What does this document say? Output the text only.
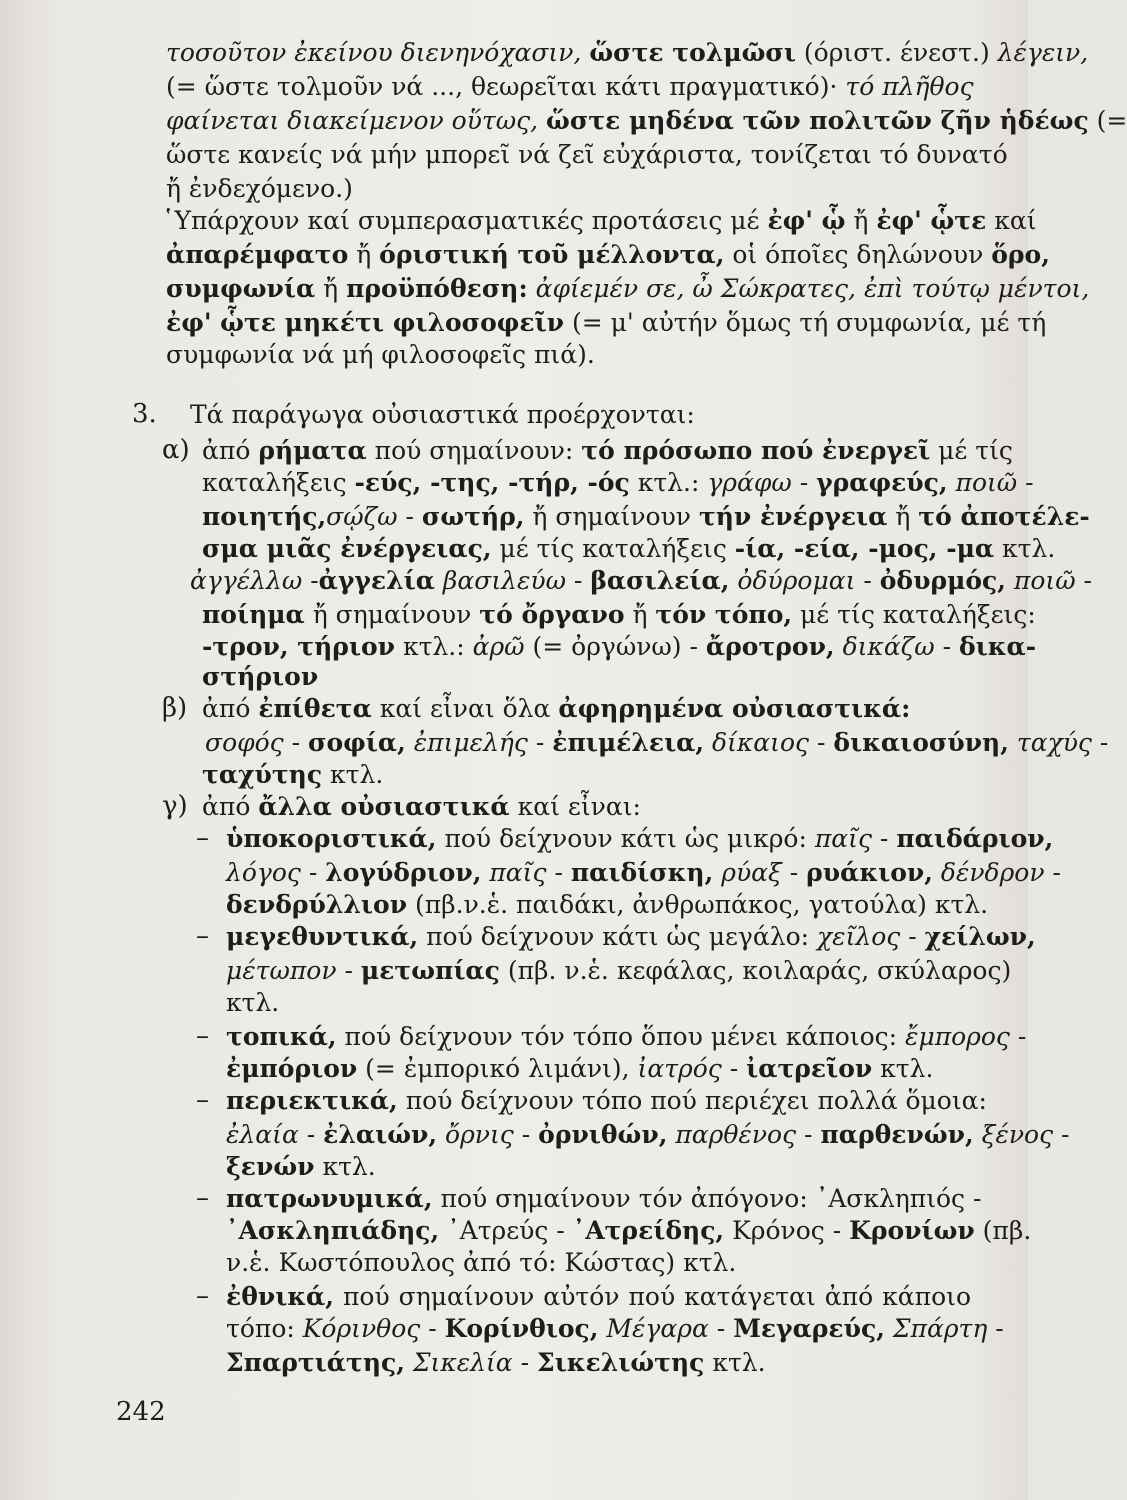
τοσοῦτον ἐκείνου διενηνόχασιν, ὥστε τολμῶσι (όριστ. ένεστ.) λέγειν,
(= ὥστε τολμοῦν νά ..., θεωρεῖται κάτι πραγματικό)· τό πλῆθος
φαίνεται διακείμενον οὕτως, ὥστε μηδένα τῶν πολιτῶν ζῆν ἡδέως (=
ὥστε κανείς νά μήν μπορεῖ νά ζεῖ εὐχάριστα, τονίζεται τό δυνατό
ἤ ἐνδεχόμενο.)
῾Υπάρχουν καί συμπερασματικές προτάσεις μέ ἐφ' ᾧ ἤ ἐφ' ᾧτε καί
ἀπαρέμφατο ἤ όριστική τοῦ μέλλοντα, οἱ όποῖες δηλώνουν ὅρο,
συμφωνία ἤ προϋπόθεση: ἀφίεμέν σε, ὦ Σώκρατες, ἐπὶ τούτῳ μέντοι,
ἐφ' ᾧτε μηκέτι φιλοσοφεῖν (= μ' αὐτήν ὅμως τή συμφωνία, μέ τή
συμφωνία νά μή φιλοσοφεῖς πιά).
3. Τά παράγωγα οὐσιαστικά προέρχονται:
α) ἀπό ρήματα πού σημαίνουν: τό πρόσωπο πού ἐνεργεῖ μέ τίς
καταλήξεις -εύς, -της, -τήρ, -ός κτλ.: γράφω - γραφεύς, ποιῶ -
ποιητής,σῴζω - σωτήρ, ἤ σημαίνουν τήν ἐνέργεια ἤ τό ἀποτέλε-
σμα μιᾶς ἐνέργειας, μέ τίς καταλήξεις -ία, -εία, -μος, -μα κτλ.
ἀγγέλλω -ἀγγελία βασιλεύω - βασιλεία, ὀδύρομαι - ὀδυρμός, ποιῶ -
ποίημα ἤ σημαίνουν τό ὄργανο ἤ τόν τόπο, μέ τίς καταλήξεις:
-τρον, τήριον κτλ.: ἀρῶ (= ὀργώνω) - ἄροτρον, δικάζω - δικα-
στήριον
β) ἀπό ἐπίθετα καί εἶναι ὅλα ἀφηρημένα οὐσιαστικά:
σοφός - σοφία, ἐπιμελής - ἐπιμέλεια, δίκαιος - δικαιοσύνη, ταχύς -
ταχύτης κτλ.
γ) ἀπό ἄλλα οὐσιαστικά καί εἶναι:
– ὑποκοριστικά, πού δείχνουν κάτι ὡς μικρό: παῖς - παιδάριον,
λόγος - λογύδριον, παῖς - παιδίσκη, ρύαξ - ρυάκιον, δένδρον -
δενδρύλλιον (πβ.ν.ἑ. παιδάκι, ἀνθρωπάκος, γατούλα) κτλ.
– μεγεθυντικά, πού δείχνουν κάτι ὡς μεγάλο: χεῖλος - χείλων,
μέτωπον - μετωπίας (πβ. ν.ἑ. κεφάλας, κοιλαράς, σκύλαρος)
κτλ.
– τοπικά, πού δείχνουν τόν τόπο ὅπου μένει κάποιος: ἔμπορος -
ἐμπόριον (= ἐμπορικό λιμάνι), ἰατρός - ἰατρεῖον κτλ.
– περιεκτικά, πού δείχνουν τόπο πού περιέχει πολλά ὅμοια:
ἐλαία - ἐλαιών, ὄρνις - ὀρνιθών, παρθένος - παρθενών, ξένος -
ξενών κτλ.
– πατρωνυμικά, πού σημαίνουν τόν ἀπόγονο: ᾿Ασκληπιός -
᾿Ασκληπιάδης, ᾿Ατρεύς - ᾿Ατρείδης, Κρόνος - Κρονίων (πβ.
ν.ἑ. Κωστόπουλος ἀπό τό: Κώστας) κτλ.
– ἐθνικά, πού σημαίνουν αὐτόν πού κατάγεται ἀπό κάποιο
τόπο: Κόρινθος - Κορίνθιος, Μέγαρα - Μεγαρεύς, Σπάρτη -
Σπαρτιάτης, Σικελία - Σικελιώτης κτλ.
242
